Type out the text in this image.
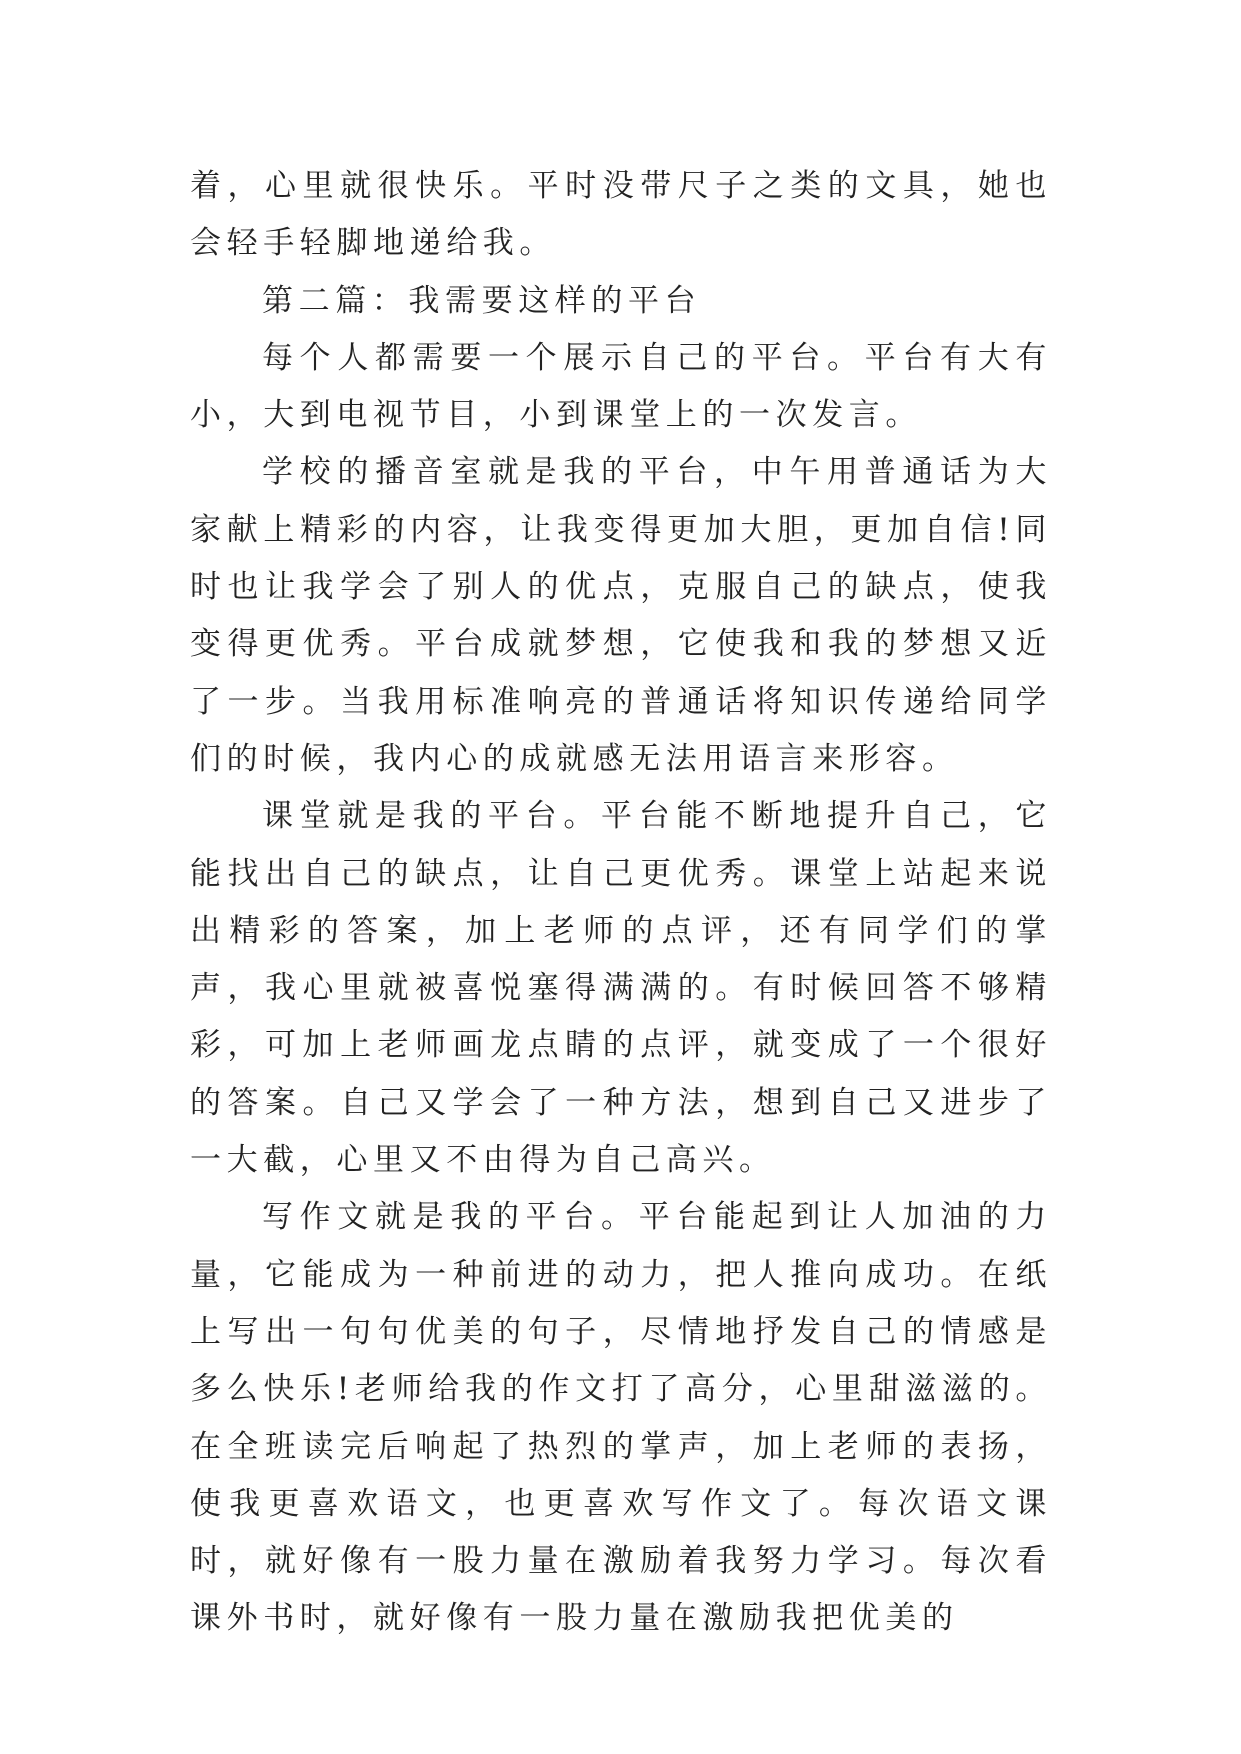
着，心里就很快乐。平时没带尺子之类的文具，她也会轻手轻脚地递给我。

第二篇：我需要这样的平台

每个人都需要一个展示自己的平台。平台有大有小，大到电视节目，小到课堂上的一次发言。

学校的播音室就是我的平台，中午用普通话为大家献上精彩的内容，让我变得更加大胆，更加自信!同时也让我学会了别人的优点，克服自己的缺点，使我变得更优秀。平台成就梦想，它使我和我的梦想又近了一步。当我用标准响亮的普通话将知识传递给同学们的时候，我内心的成就感无法用语言来形容。

课堂就是我的平台。平台能不断地提升自己，它能找出自己的缺点，让自己更优秀。课堂上站起来说出精彩的答案，加上老师的点评，还有同学们的掌声，我心里就被喜悦塞得满满的。有时候回答不够精彩，可加上老师画龙点睛的点评，就变成了一个很好的答案。自己又学会了一种方法，想到自己又进步了一大截，心里又不由得为自己高兴。

写作文就是我的平台。平台能起到让人加油的力量，它能成为一种前进的动力，把人推向成功。在纸上写出一句句优美的句子，尽情地抒发自己的情感是多么快乐!老师给我的作文打了高分，心里甜滋滋的。在全班读完后响起了热烈的掌声，加上老师的表扬，使我更喜欢语文，也更喜欢写作文了。每次语文课时，就好像有一股力量在激励着我努力学习。每次看课外书时，就好像有一股力量在激励我把优美的
